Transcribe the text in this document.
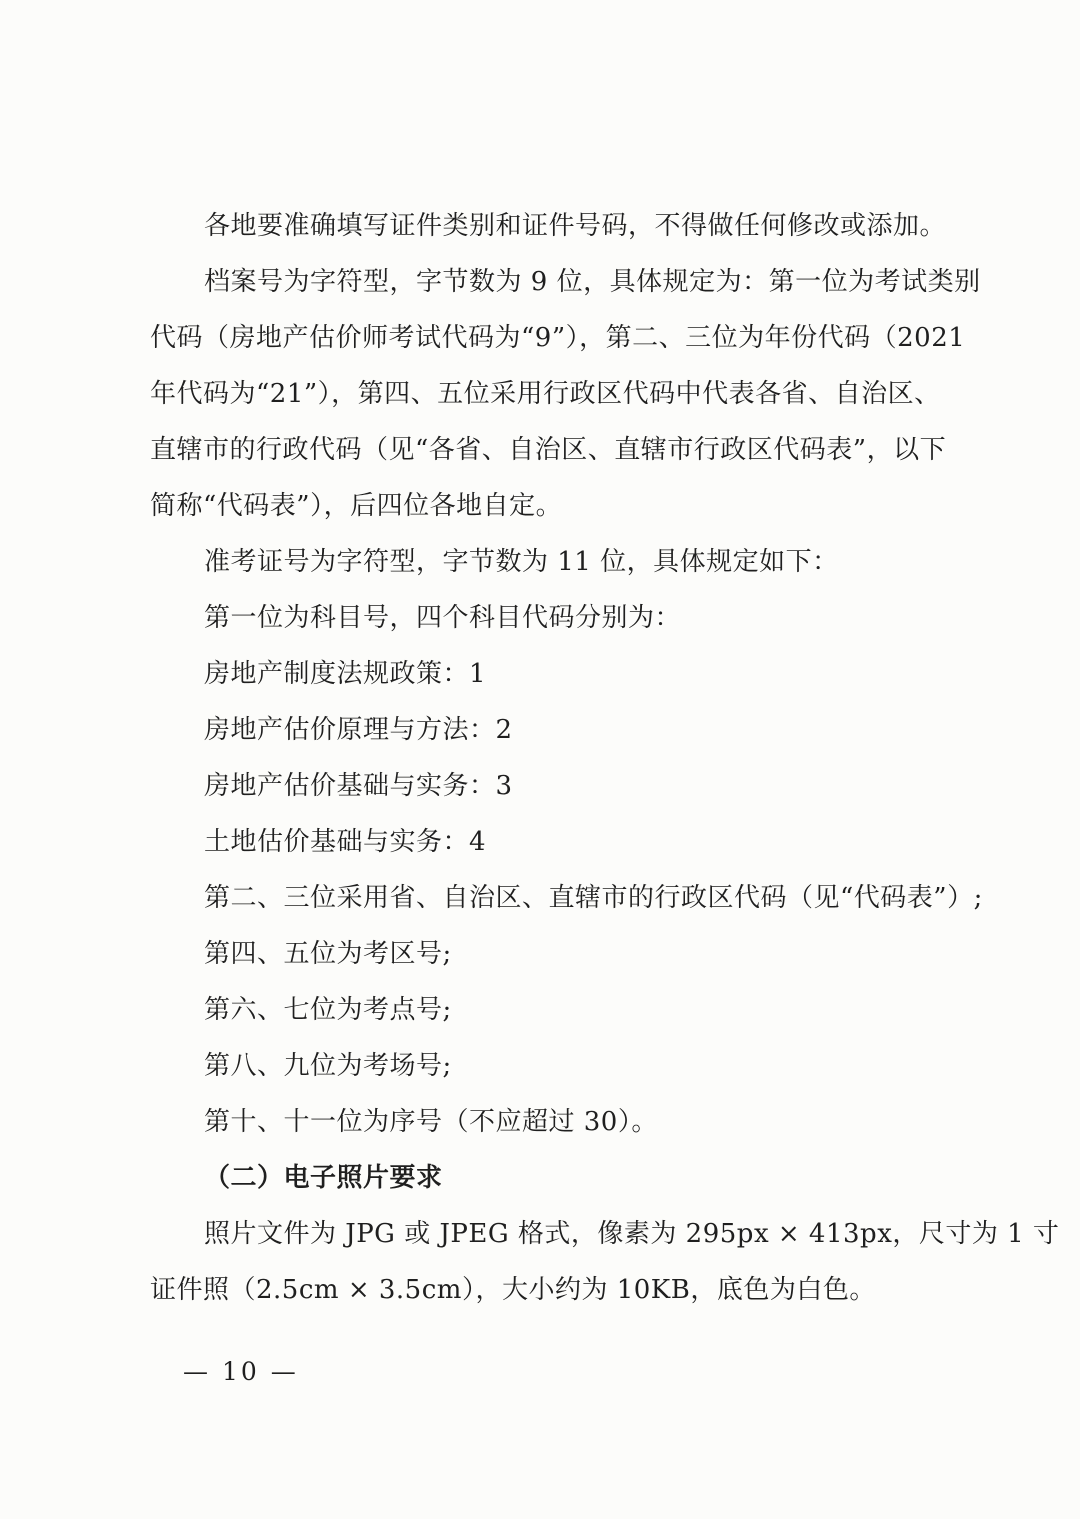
各地要准确填写证件类别和证件号码，不得做任何修改或添加。
档案号为字符型，字节数为 9 位，具体规定为：第一位为考试类别
代码（房地产估价师考试代码为“9”），第二、三位为年份代码（2021
年代码为“21”），第四、五位采用行政区代码中代表各省、自治区、
直辖市的行政代码（见“各省、自治区、直辖市行政区代码表”，以下
简称“代码表”），后四位各地自定。
准考证号为字符型，字节数为 11 位，具体规定如下：
第一位为科目号，四个科目代码分别为：
房地产制度法规政策：1
房地产估价原理与方法：2
房地产估价基础与实务：3
土地估价基础与实务：4
第二、三位采用省、自治区、直辖市的行政区代码（见“代码表”）;
第四、五位为考区号;
第六、七位为考点号;
第八、九位为考场号;
第十、十一位为序号（不应超过 30）。
（二）电子照片要求
照片文件为 JPG 或 JPEG 格式，像素为 295px × 413px，尺寸为 1 寸
证件照（2.5cm × 3.5cm），大小约为 10KB，底色为白色。
— 10 —
